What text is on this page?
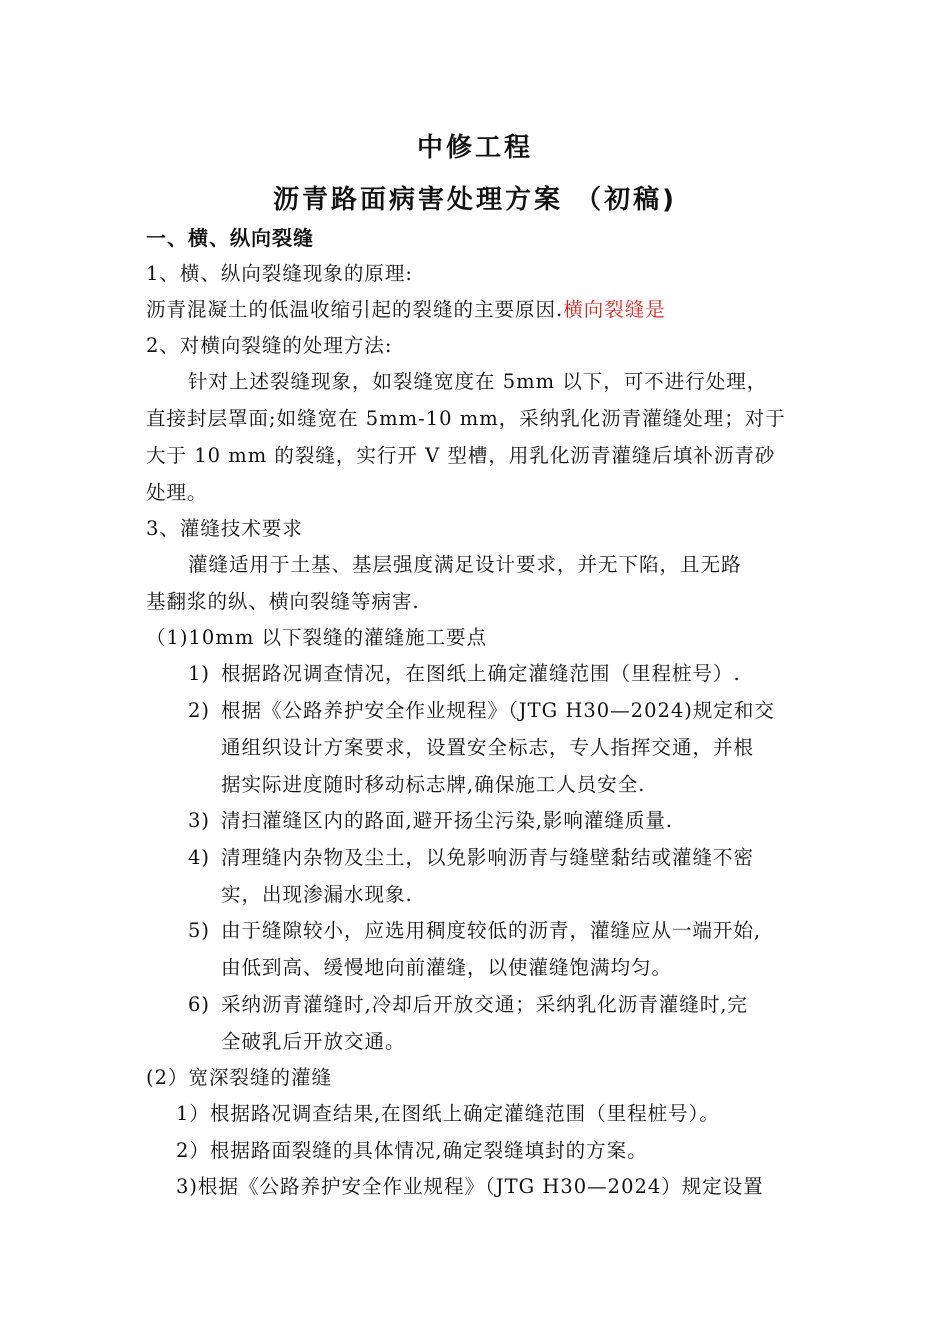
中修工程
沥青路面病害处理方案 （初稿)
一、横、纵向裂缝
1、横、纵向裂缝现象的原理:
沥青混凝土的低温收缩引起的裂缝的主要原因.横向裂缝是
2、对横向裂缝的处理方法:
针对上述裂缝现象，如裂缝宽度在 5mm 以下，可不进行处理，
直接封层罩面;如缝宽在 5mm-10 mm，采纳乳化沥青灌缝处理；对于
大于 10 mm 的裂缝，实行开 V 型槽，用乳化沥青灌缝后填补沥青砂
处理。
3、灌缝技术要求
灌缝适用于土基、基层强度满足设计要求，并无下陷，且无路
基翻浆的纵、横向裂缝等病害.
（1)10mm 以下裂缝的灌缝施工要点
1) 根据路况调查情况，在图纸上确定灌缝范围（里程桩号）.
2) 根据《公路养护安全作业规程》（JTG H30—2024)规定和交
通组织设计方案要求，设置安全标志，专人指挥交通，并根
据实际进度随时移动标志牌,确保施工人员安全.
3) 清扫灌缝区内的路面,避开扬尘污染,影响灌缝质量.
4) 清理缝内杂物及尘土，以免影响沥青与缝壁黏结或灌缝不密
实，出现渗漏水现象.
5) 由于缝隙较小，应选用稠度较低的沥青，灌缝应从一端开始,
由低到高、缓慢地向前灌缝，以使灌缝饱满均匀。
6) 采纳沥青灌缝时,冷却后开放交通；采纳乳化沥青灌缝时,完
全破乳后开放交通。
(2）宽深裂缝的灌缝
1）根据路况调查结果,在图纸上确定灌缝范围（里程桩号）。
2）根据路面裂缝的具体情况,确定裂缝填封的方案。
3)根据《公路养护安全作业规程》（JTG H30—2024）规定设置
